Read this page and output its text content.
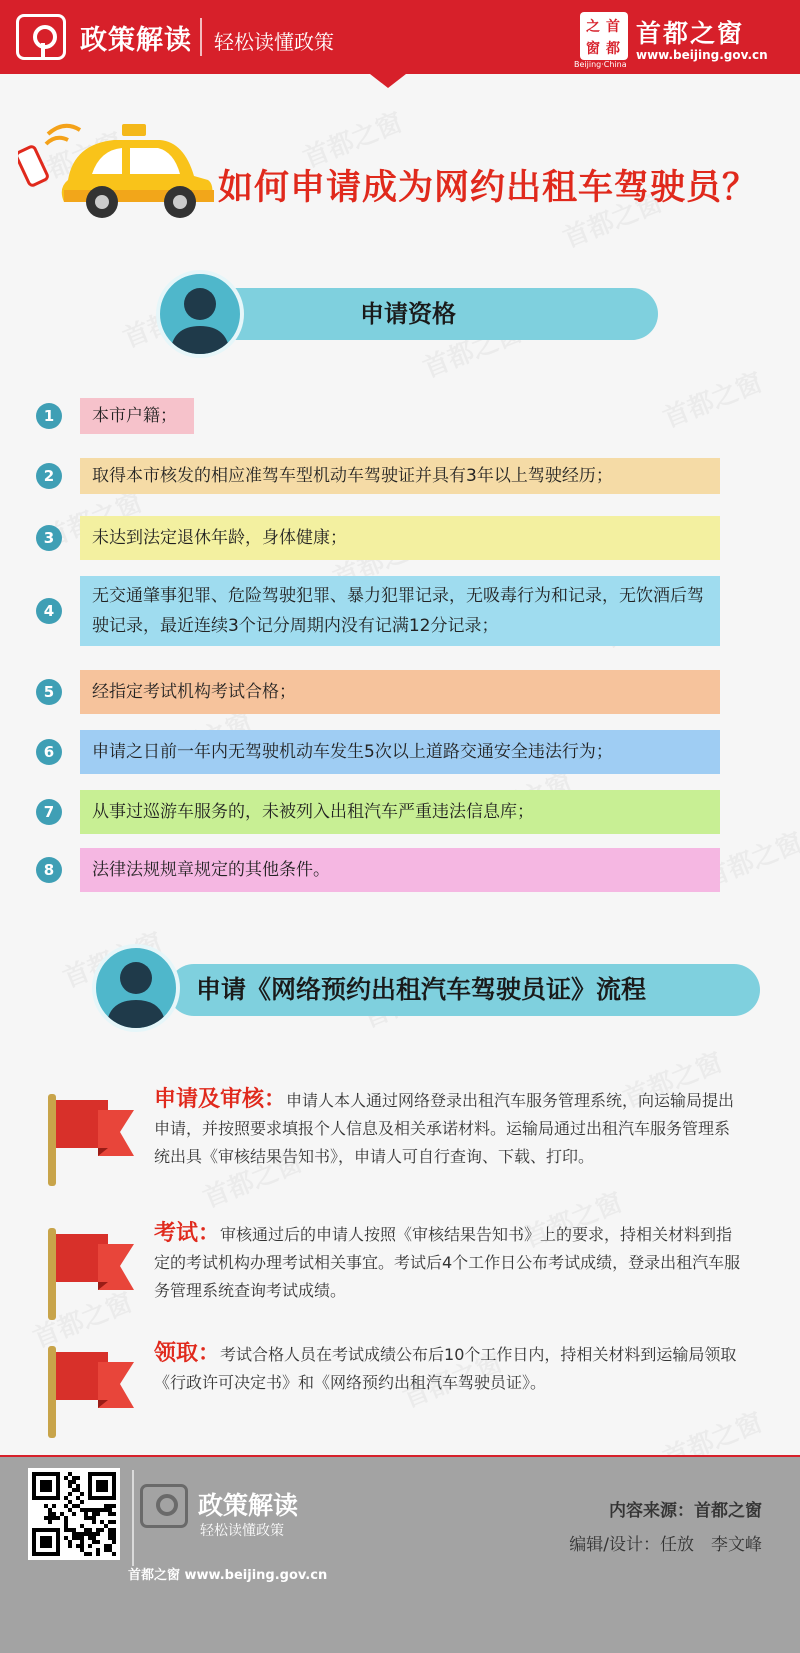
政策解读 轻松读懂政策
首
之
都
窗
Beijing·China
首都之窗
www.beijing.gov.cn
如何申请成为网约出租车驾驶员？
申请资格
1	本市户籍；
2	取得本市核发的相应准驾车型机动车驾驶证并具有3年以上驾驶经历；
3	未达到法定退休年龄，身体健康；
4
无交通肇事犯罪、危险驾驶犯罪、暴力犯罪记录，无吸毒行为和记录，无饮酒后驾驶记录，最近连续3个记分周期内没有记满12分记录；
5	经指定考试机构考试合格；
6	申请之日前一年内无驾驶机动车发生5次以上道路交通安全违法行为；
7	从事过巡游车服务的，未被列入出租汽车严重违法信息库；
8	法律法规规章规定的其他条件。
申请《网络预约出租汽车驾驶员证》流程
申请及审核：申请人本人通过网络登录出租汽车服务管理系统，向运输局提出申请，并按照要求填报个人信息及相关承诺材料。运输局通过出租汽车服务管理系统出具《审核结果告知书》，申请人可自行查询、下载、打印。
考试：审核通过后的申请人按照《审核结果告知书》上的要求，持相关材料到指定的考试机构办理考试相关事宜。考试后4个工作日公布考试成绩，登录出租汽车服务管理系统查询考试成绩。
领取：考试合格人员在考试成绩公布后10个工作日内，持相关材料到运输局领取《行政许可决定书》和《网络预约出租汽车驾驶员证》。
政策解读
轻松读懂政策
首都之窗 www.beijing.gov.cn
内容来源：首都之窗
编辑/设计：任放　李文峰
